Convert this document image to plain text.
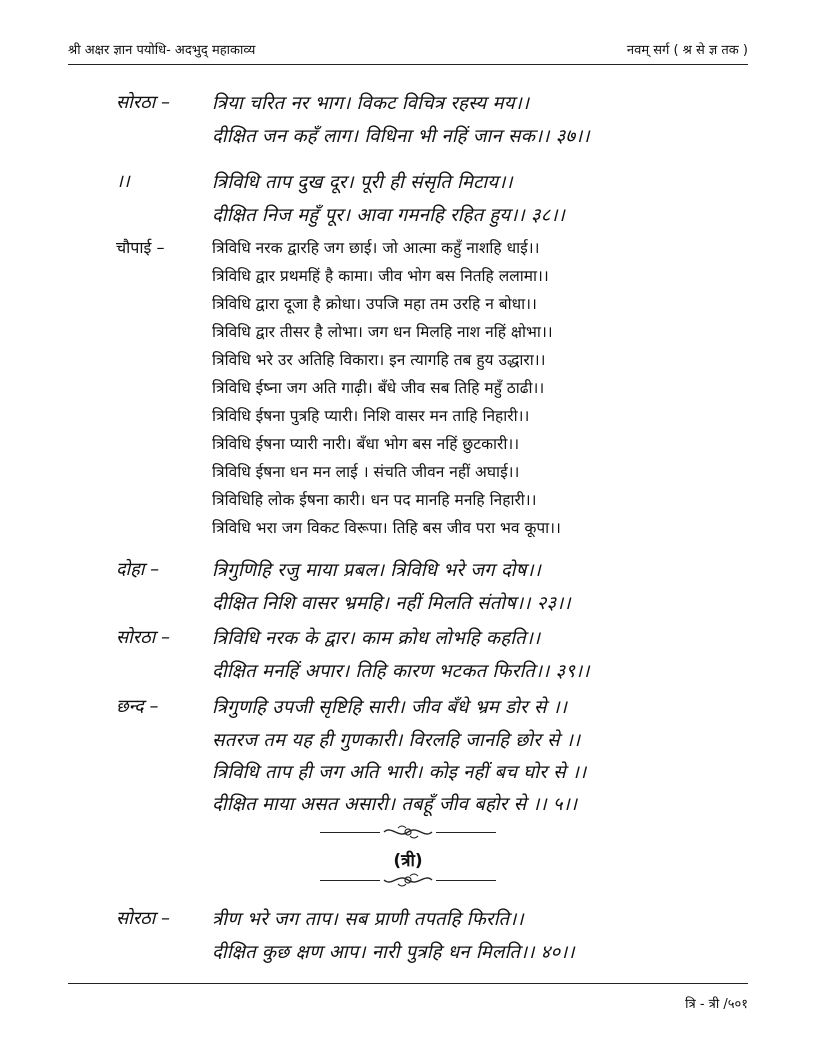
श्री अक्षर ज्ञान पयोधि- अदभुद् महाकाव्य	नवम् सर्ग ( श्र से ज्ञ तक )
सोरठा – त्रिया चरित नर भाग। विकट विचित्र रहस्य मय।।
दीक्षित जन कहँ लाग। विधिना भी नहिं जान सक।। ३७।।
।।	त्रिविधि ताप दुख दूर। पूरी ही संसृति मिटाय।।
दीक्षित निज महुँ पूर। आवा गमनहि रहित हुय।। ३८।।
चौपाई –	त्रिविधि नरक द्वारहि जग छाई। जो आत्मा कहुँ नाशहि धाई।।
त्रिविधि द्वार प्रथमहिं है कामा। जीव भोग बस नितहि ललामा।।
त्रिविधि द्वारा दूजा है क्रोधा। उपजि महा तम उरहि न बोधा।।
त्रिविधि द्वार तीसर है लोभा। जग धन मिलहि नाश नहिं क्षोभा।।
त्रिविधि भरे उर अतिहि विकारा। इन त्यागहि तब हुय उद्धारा।।
त्रिविधि ईष्ना जग अति गाढ़ी। बँधे जीव सब तिहि महुँ ठाढी।।
त्रिविधि ईषना पुत्रहि प्यारी। निशि वासर मन ताहि निहारी।।
त्रिविधि ईषना प्यारी नारी। बँधा भोग बस नहिं छुटकारी।।
त्रिविधि ईषना धन मन लाई । संचति जीवन नहीं अघाई।।
त्रिविधिहि लोक ईषना कारी। धन पद मानहि मनहि निहारी।।
त्रिविधि भरा जग विकट विरूपा। तिहि बस जीव परा भव कूपा।।
दोहा –	त्रिगुणिहि रजु माया प्रबल। त्रिविधि भरे जग दोष।।
दीक्षित निशि वासर भ्रमहि। नहीं मिलति संतोष।। २३।।
सोरठा – त्रिविधि नरक के द्वार। काम क्रोध लोभहि कहति।।
दीक्षित मनहिं अपार। तिहि कारण भटकत फिरति।। ३९।।
छन्द –	त्रिगुणहि उपजी सृष्टिहि सारी। जीव बँधे भ्रम डोर से ।।
सतरज तम यह ही गुणकारी। विरलहि जानहि छोर से ।।
त्रिविधि ताप ही जग अति भारी। कोइ नहीं बच घोर से ।।
दीक्षित माया असत असारी। तबहूँ जीव बहोर से ।। ५।।
(त्री)
सोरठा – त्रीण भरे जग ताप। सब प्राणी तपतहि फिरति।।
दीक्षित कुछ क्षण आप। नारी पुत्रहि धन मिलति।। ४०।।
त्रि - त्री /५०१
